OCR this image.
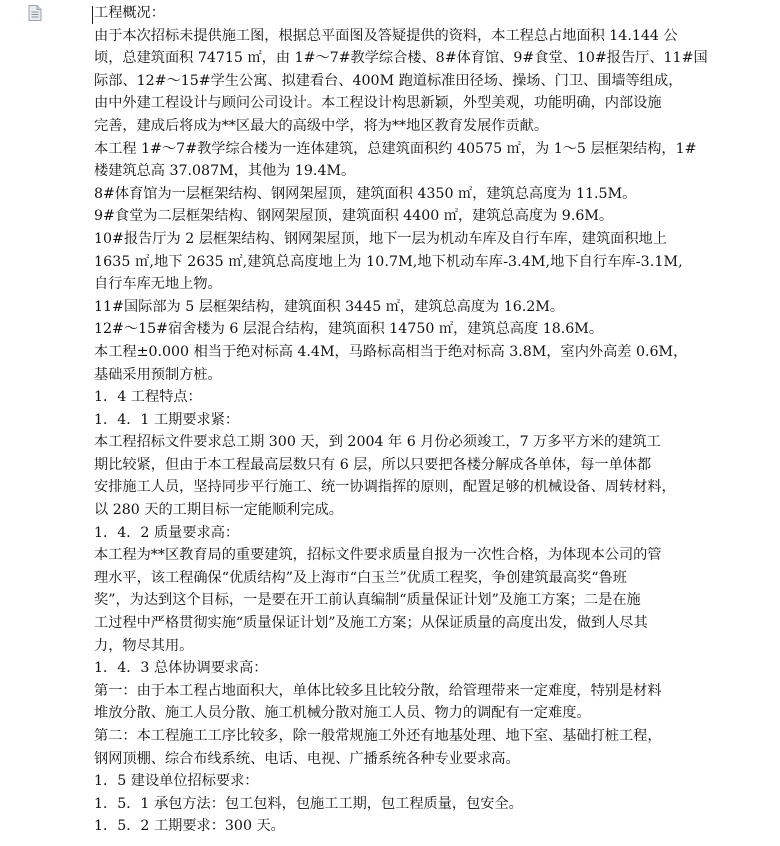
工程概况：
由于本次招标未提供施工图，根据总平面图及答疑提供的资料，本工程总占地面积 14.144 公
顷，总建筑面积 74715 ㎡，由 1#～7#教学综合楼、8#体育馆、9#食堂、10#报告厅、11#国
际部、12#～15#学生公寓、拟建看台、400M 跑道标准田径场、操场、门卫、围墙等组成，
由中外建工程设计与顾问公司设计。本工程设计构思新颖，外型美观，功能明确，内部设施
完善，建成后将成为**区最大的高级中学，将为**地区教育发展作贡献。
本工程 1#～7#教学综合楼为一连体建筑，总建筑面积约 40575 ㎡，为 1～5 层框架结构，1#
楼建筑总高 37.087M，其他为 19.4M。
8#体育馆为一层框架结构、钢网架屋顶，建筑面积 4350 ㎡，建筑总高度为 11.5M。
9#食堂为二层框架结构、钢网架屋顶，建筑面积 4400 ㎡，建筑总高度为 9.6M。
10#报告厅为 2 层框架结构、钢网架屋顶，地下一层为机动车库及自行车库，建筑面积地上
1635 ㎡,地下 2635 ㎡,建筑总高度地上为 10.7M,地下机动车库-3.4M,地下自行车库-3.1M,
自行车库无地上物。
11#国际部为 5 层框架结构，建筑面积 3445 ㎡，建筑总高度为 16.2M。
12#～15#宿舍楼为 6 层混合结构，建筑面积 14750 ㎡，建筑总高度 18.6M。
本工程±0.000 相当于绝对标高 4.4M，马路标高相当于绝对标高 3.8M，室内外高差 0.6M，
基础采用预制方桩。
1．4 工程特点：
1．4．1 工期要求紧：
本工程招标文件要求总工期 300 天，到 2004 年 6 月份必须竣工，7 万多平方米的建筑工
期比较紧，但由于本工程最高层数只有 6 层，所以只要把各楼分解成各单体，每一单体都
安排施工人员，坚持同步平行施工、统一协调指挥的原则，配置足够的机械设备、周转材料，
以 280 天的工期目标一定能顺利完成。
1．4．2 质量要求高：
本工程为**区教育局的重要建筑，招标文件要求质量自报为一次性合格，为体现本公司的管
理水平，该工程确保“优质结构”及上海市“白玉兰”优质工程奖，争创建筑最高奖“鲁班
奖”，为达到这个目标，一是要在开工前认真编制“质量保证计划”及施工方案；二是在施
工过程中严格贯彻实施“质量保证计划”及施工方案；从保证质量的高度出发，做到人尽其
力，物尽其用。
1．4．3 总体协调要求高：
第一：由于本工程占地面积大，单体比较多且比较分散，给管理带来一定难度，特别是材料
堆放分散、施工人员分散、施工机械分散对施工人员、物力的调配有一定难度。
第二：本工程施工工序比较多，除一般常规施工外还有地基处理、地下室、基础打桩工程，
钢网顶棚、综合布线系统、电话、电视、广播系统各种专业要求高。
1．5 建设单位招标要求：
1．5．1 承包方法：包工包料，包施工工期，包工程质量，包安全。
1．5．2 工期要求：300 天。
